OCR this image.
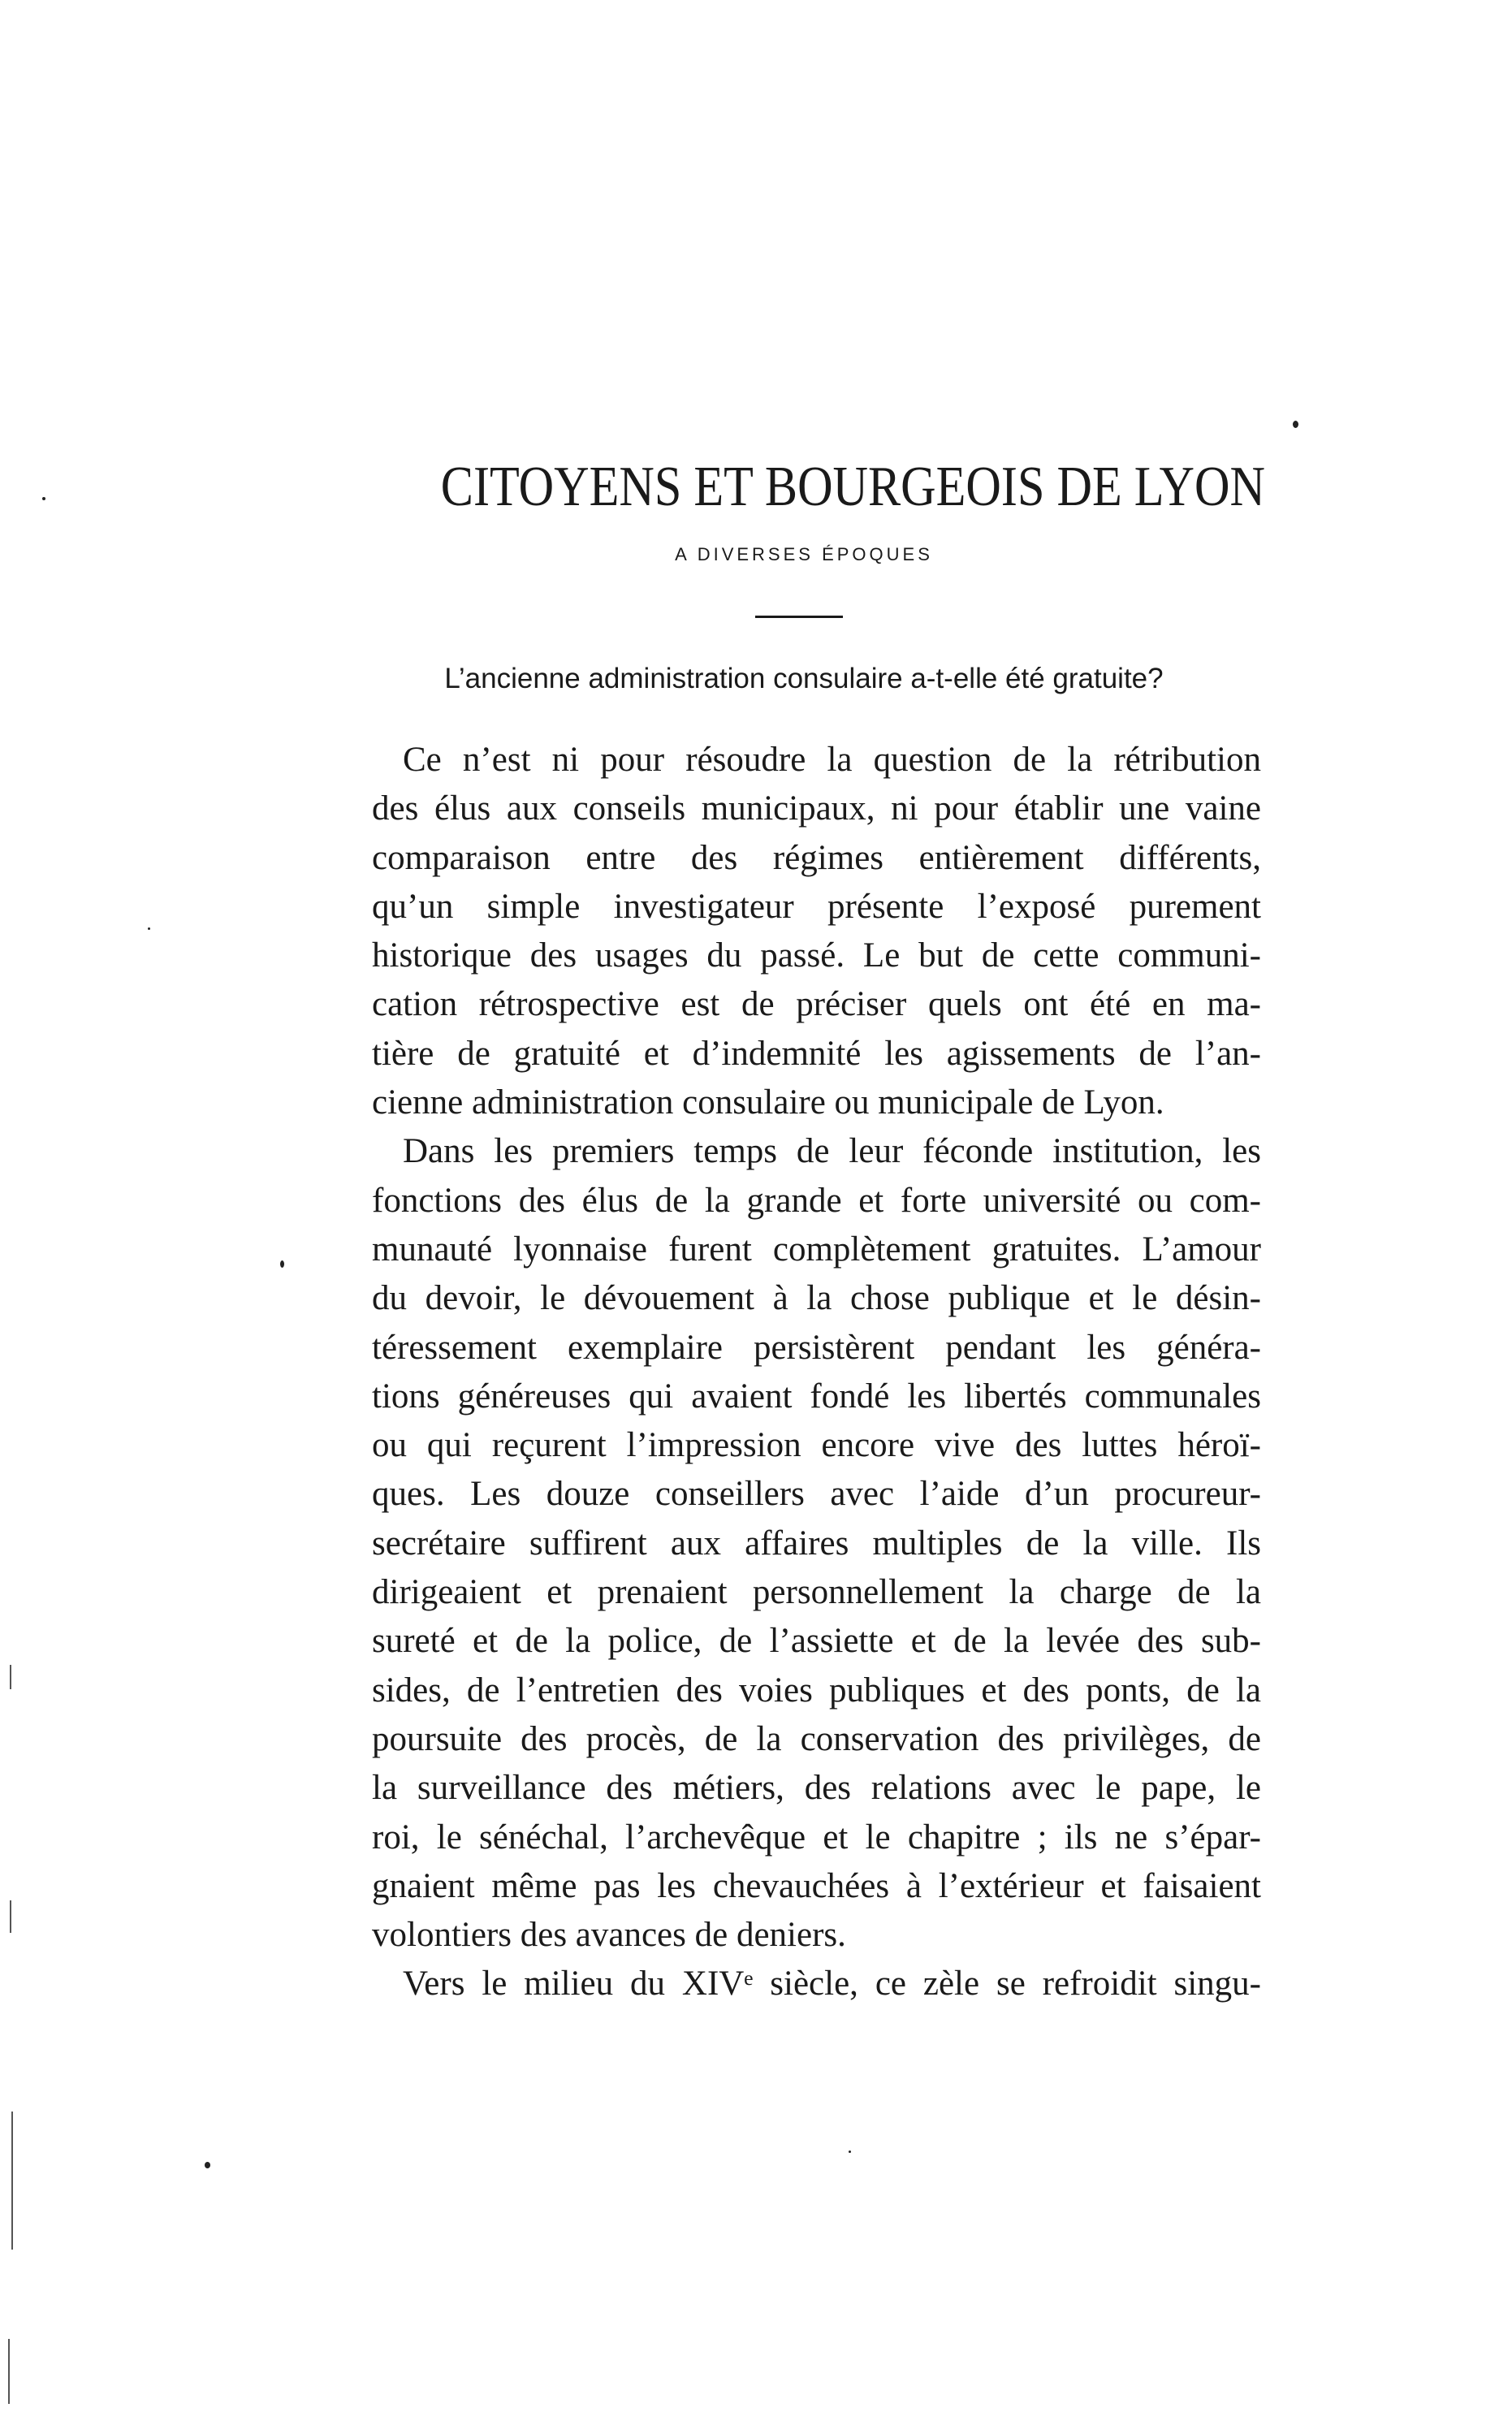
CITOYENS ET BOURGEOIS DE LYON
A DIVERSES ÉPOQUES
L’ancienne administration consulaire a-t-elle été gratuite?
Ce n’est ni pour résoudre la question de la rétribution
des élus aux conseils municipaux, ni pour établir une vaine
comparaison entre des régimes entièrement différents,
qu’un simple investigateur présente l’exposé purement
historique des usages du passé. Le but de cette communi-
cation rétrospective est de préciser quels ont été en ma-
tière de gratuité et d’indemnité les agissements de l’an-
cienne administration consulaire ou municipale de Lyon.
Dans les premiers temps de leur féconde institution, les
fonctions des élus de la grande et forte université ou com-
munauté lyonnaise furent complètement gratuites. L’amour
du devoir, le dévouement à la chose publique et le désin-
téressement exemplaire persistèrent pendant les généra-
tions généreuses qui avaient fondé les libertés communales
ou qui reçurent l’impression encore vive des luttes héroï-
ques. Les douze conseillers avec l’aide d’un procureur-
secrétaire suffirent aux affaires multiples de la ville. Ils
dirigeaient et prenaient personnellement la charge de la
sureté et de la police, de l’assiette et de la levée des sub-
sides, de l’entretien des voies publiques et des ponts, de la
poursuite des procès, de la conservation des privilèges, de
la surveillance des métiers, des relations avec le pape, le
roi, le sénéchal, l’archevêque et le chapitre ; ils ne s’épar-
gnaient même pas les chevauchées à l’extérieur et faisaient
volontiers des avances de deniers.
Vers le milieu du XIVᵉ siècle, ce zèle se refroidit singu-
